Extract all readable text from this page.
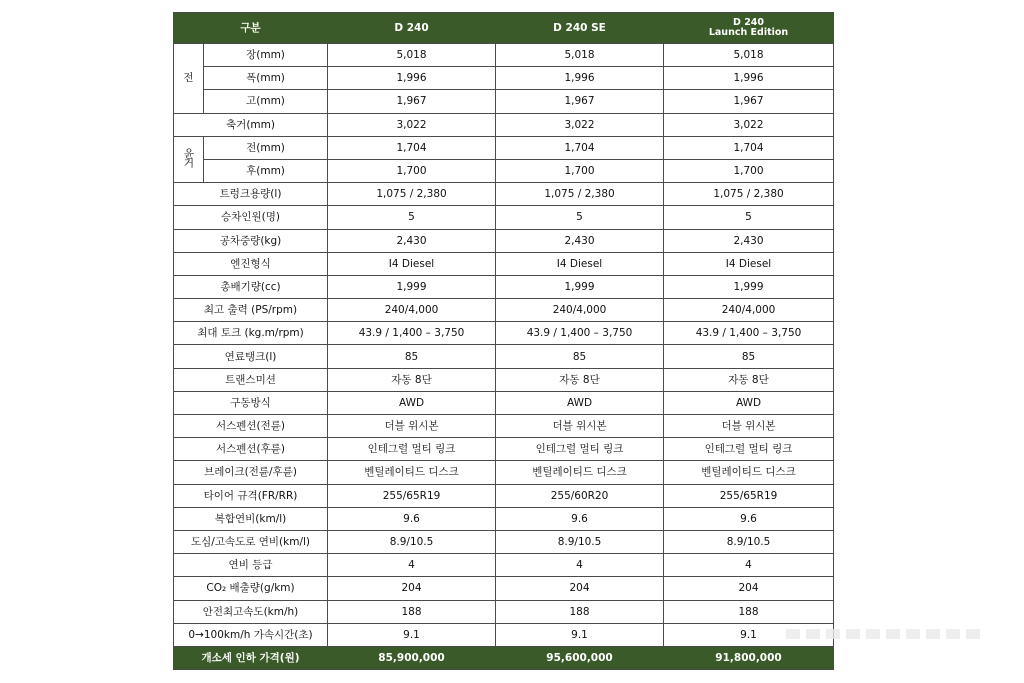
구분		D 240	D 240 SE	D 240
Launch Edition
전	장(mm)	5,018	5,018	5,018
	폭(mm)	1,996	1,996	1,996
	고(mm)	1,967	1,967	1,967
축거(mm)		3,022	3,022	3,022
윤거	전(mm)	1,704	1,704	1,704
	후(mm)	1,700	1,700	1,700
트렁크용량(l)		1,075 / 2,380	1,075 / 2,380	1,075 / 2,380
승차인원(명)		5	5	5
공차중량(kg)		2,430	2,430	2,430
엔진형식		I4 Diesel	I4 Diesel	I4 Diesel
총배기량(cc)		1,999	1,999	1,999
최고 출력 (PS/rpm)		240/4,000	240/4,000	240/4,000
최대 토크 (kg.m/rpm)		43.9 / 1,400 – 3,750	43.9 / 1,400 – 3,750	43.9 / 1,400 – 3,750
연료탱크(l)		85	85	85
트랜스미션		자동 8단	자동 8단	자동 8단
구동방식		AWD	AWD	AWD
서스펜션(전륜)		더블 위시본	더블 위시본	더블 위시본
서스펜션(후륜)		인테그럴 멀티 링크	인테그럴 멀티 링크	인테그럴 멀티 링크
브레이크(전륜/후륜)		벤틸레이티드 디스크	벤틸레이티드 디스크	벤틸레이티드 디스크
타이어 규격(FR/RR)		255/65R19	255/60R20	255/65R19
복합연비(km/l)		9.6	9.6	9.6
도심/고속도로 연비(km/l)		8.9/10.5	8.9/10.5	8.9/10.5
연비 등급		4	4	4
CO₂ 배출량(g/km)		204	204	204
안전최고속도(km/h)		188	188	188
0→100km/h 가속시간(초)		9.1	9.1	9.1
개소세 인하 가격(원)		85,900,000	95,600,000	91,800,000
